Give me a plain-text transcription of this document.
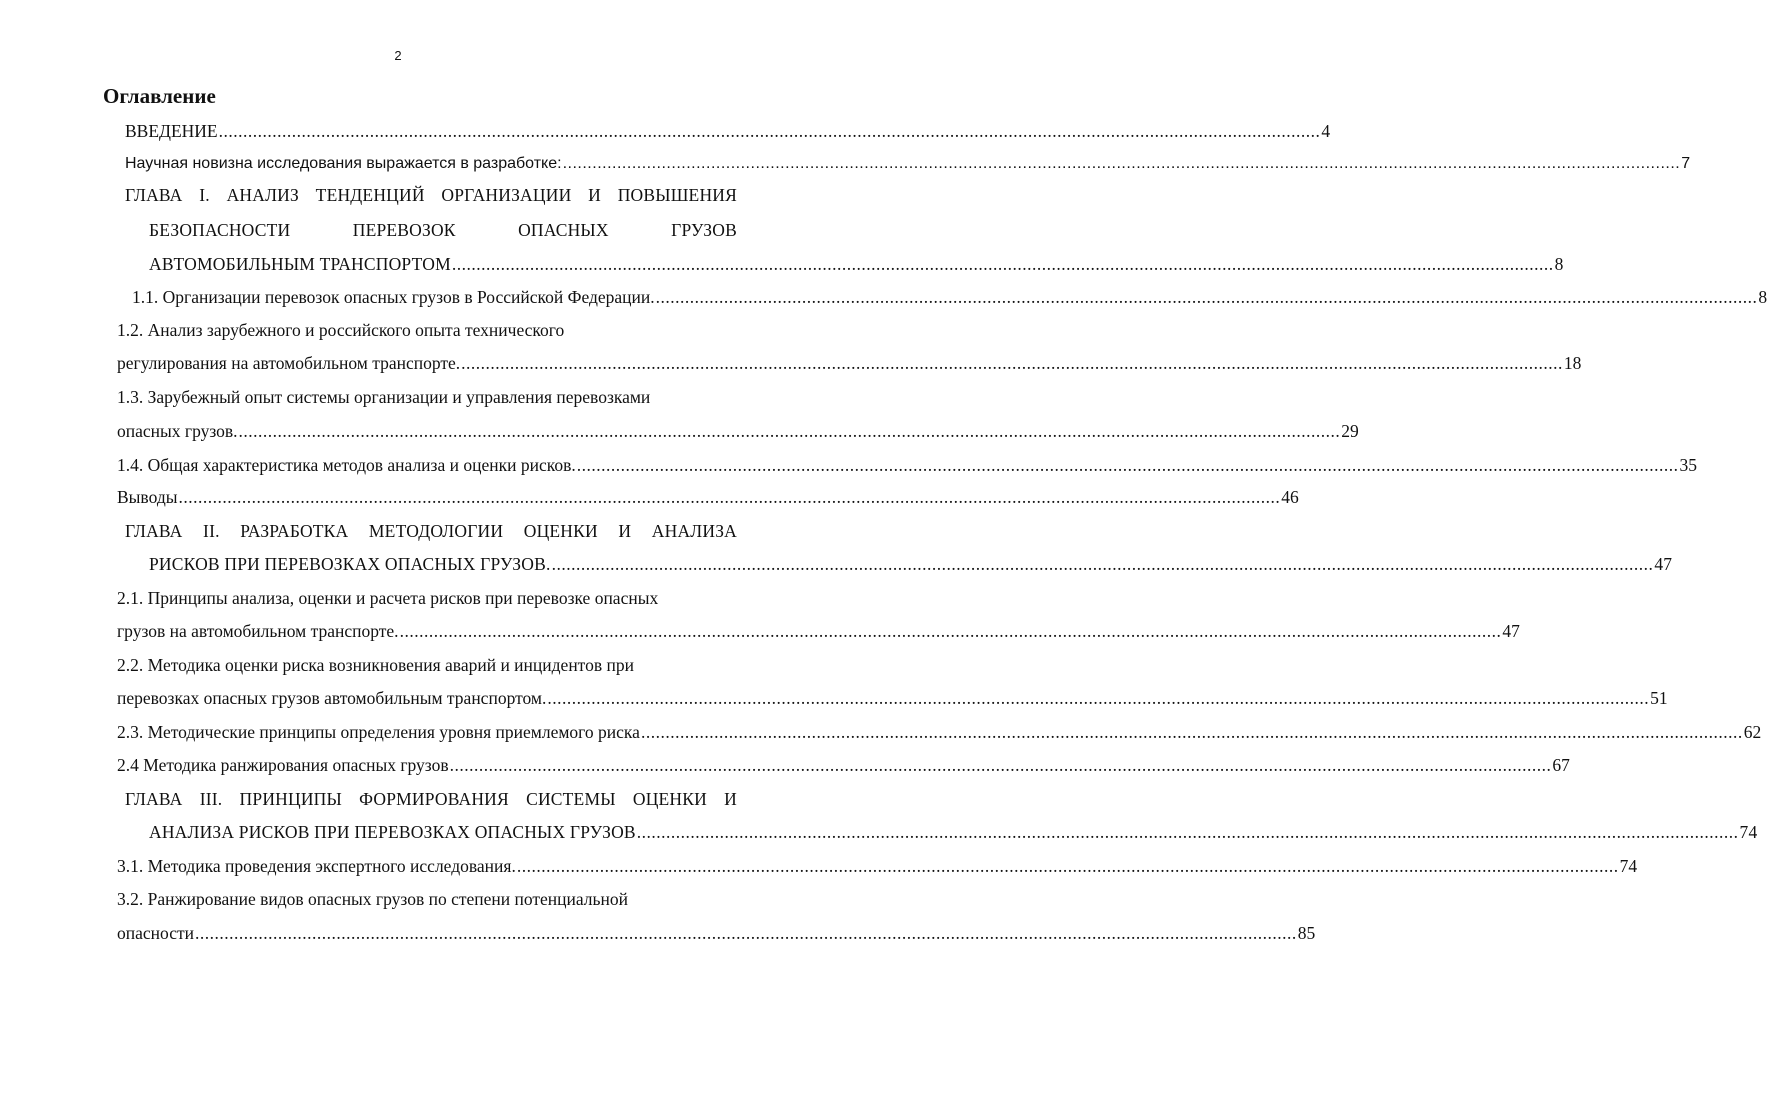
2
Оглавление
ВВЕДЕНИЕ .................................................................................................................................................................................................................................. 4
Научная новизна исследования выражается в разработке: .................................................................................................................................................................................................................................. 7
ГЛАВА I. АНАЛИЗ ТЕНДЕНЦИЙ ОРГАНИЗАЦИИ И ПОВЫШЕНИЯ
БЕЗОПАСНОСТИ ПЕРЕВОЗОК ОПАСНЫХ ГРУЗОВ
АВТОМОБИЛЬНЫМ ТРАНСПОРТОМ .................................................................................................................................................................................................................................. 8
1.1. Организации перевозок опасных грузов в Российской Федерации. .................................................................................................................................................................................................................................. 8
1.2. Анализ зарубежного и российского опыта технического
регулирования на автомобильном транспорте. .................................................................................................................................................................................................................................. 18
1.3. Зарубежный опыт системы организации и управления перевозками
опасных грузов. .................................................................................................................................................................................................................................. 29
1.4. Общая характеристика методов анализа и оценки рисков. .................................................................................................................................................................................................................................. 35
Выводы .................................................................................................................................................................................................................................. 46
ГЛАВА II. РАЗРАБОТКА МЕТОДОЛОГИИ ОЦЕНКИ И АНАЛИЗА
РИСКОВ ПРИ ПЕРЕВОЗКАХ ОПАСНЫХ ГРУЗОВ. .................................................................................................................................................................................................................................. 47
2.1. Принципы анализа, оценки и расчета рисков при перевозке опасных
грузов на автомобильном транспорте. .................................................................................................................................................................................................................................. 47
2.2. Методика оценки риска возникновения аварий и инцидентов при
перевозках опасных грузов автомобильным транспортом. .................................................................................................................................................................................................................................. 51
2.3. Методические принципы определения уровня приемлемого риска .................................................................................................................................................................................................................................. 62
2.4 Методика ранжирования опасных грузов .................................................................................................................................................................................................................................. 67
ГЛАВА III. ПРИНЦИПЫ ФОРМИРОВАНИЯ СИСТЕМЫ ОЦЕНКИ И
АНАЛИЗА РИСКОВ ПРИ ПЕРЕВОЗКАХ ОПАСНЫХ ГРУЗОВ .................................................................................................................................................................................................................................. 74
3.1. Методика проведения экспертного исследования. .................................................................................................................................................................................................................................. 74
3.2. Ранжирование видов опасных грузов по степени потенциальной
опасности .................................................................................................................................................................................................................................. 85
